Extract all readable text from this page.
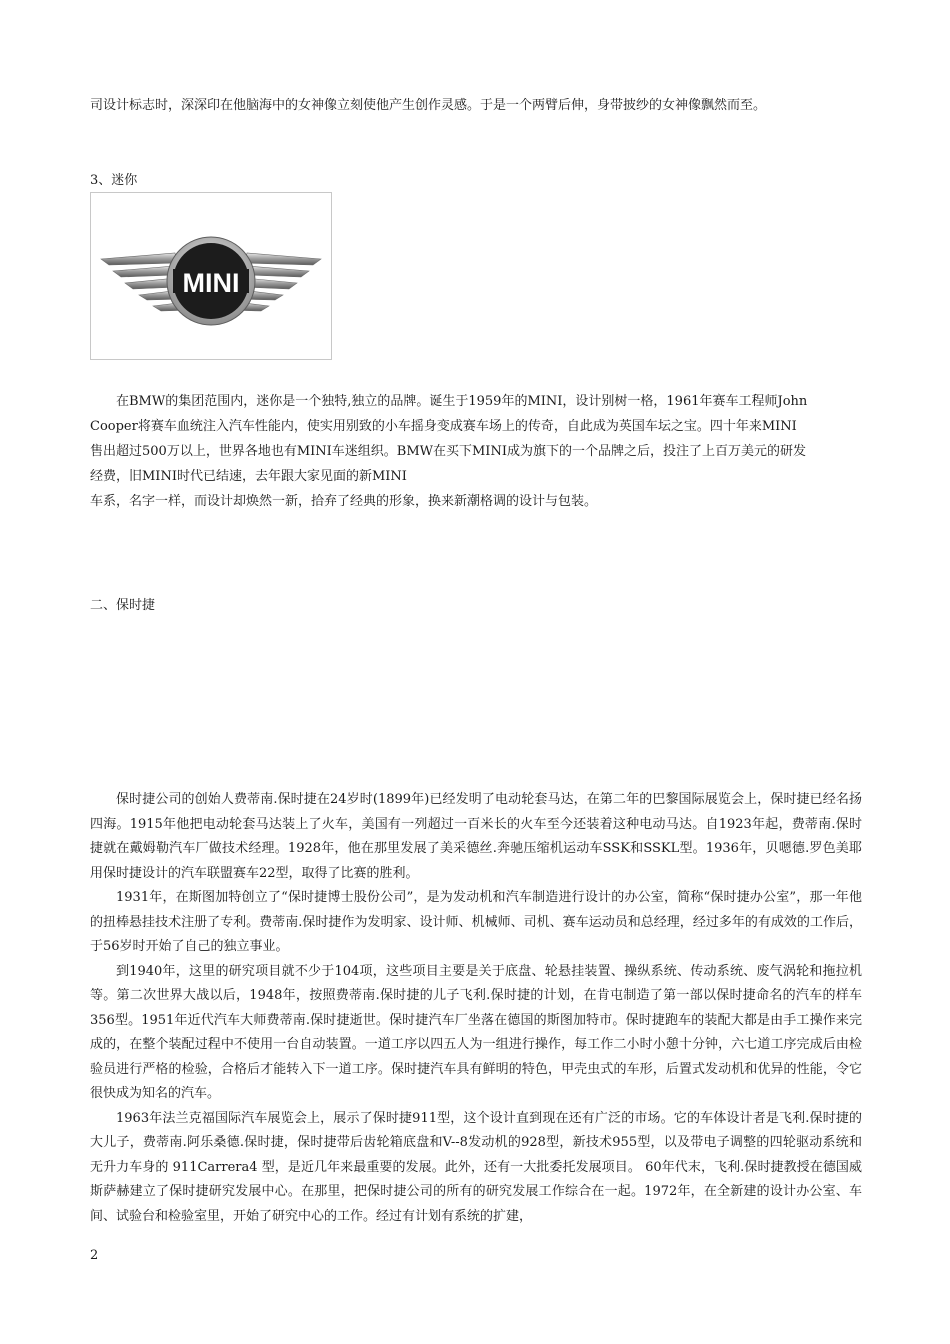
司设计标志时，深深印在他脑海中的女神像立刻使他产生创作灵感。于是一个两臂后伸，身带披纱的女神像飘然而至。
3、迷你
MINI
　　在BMW的集团范围内，迷你是一个独特,独立的品牌。诞生于1959年的MINI，设计别树一格，1961年赛车工程师John
Cooper将赛车血统注入汽车性能内，使实用别致的小车摇身变成赛车场上的传奇，自此成为英国车坛之宝。四十年来MINI
售出超过500万以上，世界各地也有MINI车迷组织。BMW在买下MINI成为旗下的一个品牌之后，投注了上百万美元的研发
经费，旧MINI时代已结速，去年跟大家见面的新MINI
车系，名字一样，而设计却焕然一新，拾弃了经典的形象，换来新潮格调的设计与包装。
二、保时捷

保时捷公司的创始人费蒂南.保时捷在24岁时(1899年)已经发明了电动轮套马达，在第二年的巴黎国际展览会上，保时捷已经名扬四海。1915年他把电动轮套马达装上了火车，美国有一列超过一百米长的火车至今还装着这种电动马达。自1923年起，费蒂南.保时捷就在戴姆勒汽车厂做技术经理。1928年，他在那里发展了美采德丝.奔驰压缩机运动车SSK和SSKL型。1936年，贝嗯德.罗色美耶用保时捷设计的汽车联盟赛车22型，取得了比赛的胜利。

1931年，在斯图加特创立了“保时捷博士股份公司”，是为发动机和汽车制造进行设计的办公室，简称“保时捷办公室”，那一年他的扭棒悬挂技术注册了专利。费蒂南.保时捷作为发明家、设计师、机械师、司机、赛车运动员和总经理，经过多年的有成效的工作后，于56岁时开始了自己的独立事业。

到1940年，这里的研究项目就不少于104项，这些项目主要是关于底盘、轮悬挂装置、操纵系统、传动系统、废气涡轮和拖拉机等。第二次世界大战以后，1948年，按照费蒂南.保时捷的儿子飞利.保时捷的计划，在肯屯制造了第一部以保时捷命名的汽车的样车356型。1951年近代汽车大师费蒂南.保时捷逝世。保时捷汽车厂坐落在德国的斯图加特市。保时捷跑车的装配大都是由手工操作来完成的，在整个装配过程中不使用一台自动装置。一道工序以四五人为一组进行操作，每工作二小时小憩十分钟，六七道工序完成后由检验员进行严格的检验，合格后才能转入下一道工序。保时捷汽车具有鲜明的特色，甲壳虫式的车形，后置式发动机和优异的性能，令它很快成为知名的汽车。

1963年法兰克福国际汽车展览会上，展示了保时捷911型，这个设计直到现在还有广泛的市场。它的车体设计者是飞利.保时捷的大儿子，费蒂南.阿乐桑德.保时捷，保时捷带后齿轮箱底盘和V--8发动机的928型，新技术955型，以及带电子调整的四轮驱动系统和无升力车身的 911Carrera4 型，是近几年来最重要的发展。此外，还有一大批委托发展项目。 60年代末，飞利.保时捷教授在德国威斯萨赫建立了保时捷研究发展中心。在那里，把保时捷公司的所有的研究发展工作综合在一起。1972年，在全新建的设计办公室、车间、试验台和检验室里，开始了研究中心的工作。经过有计划有系统的扩建，

2
